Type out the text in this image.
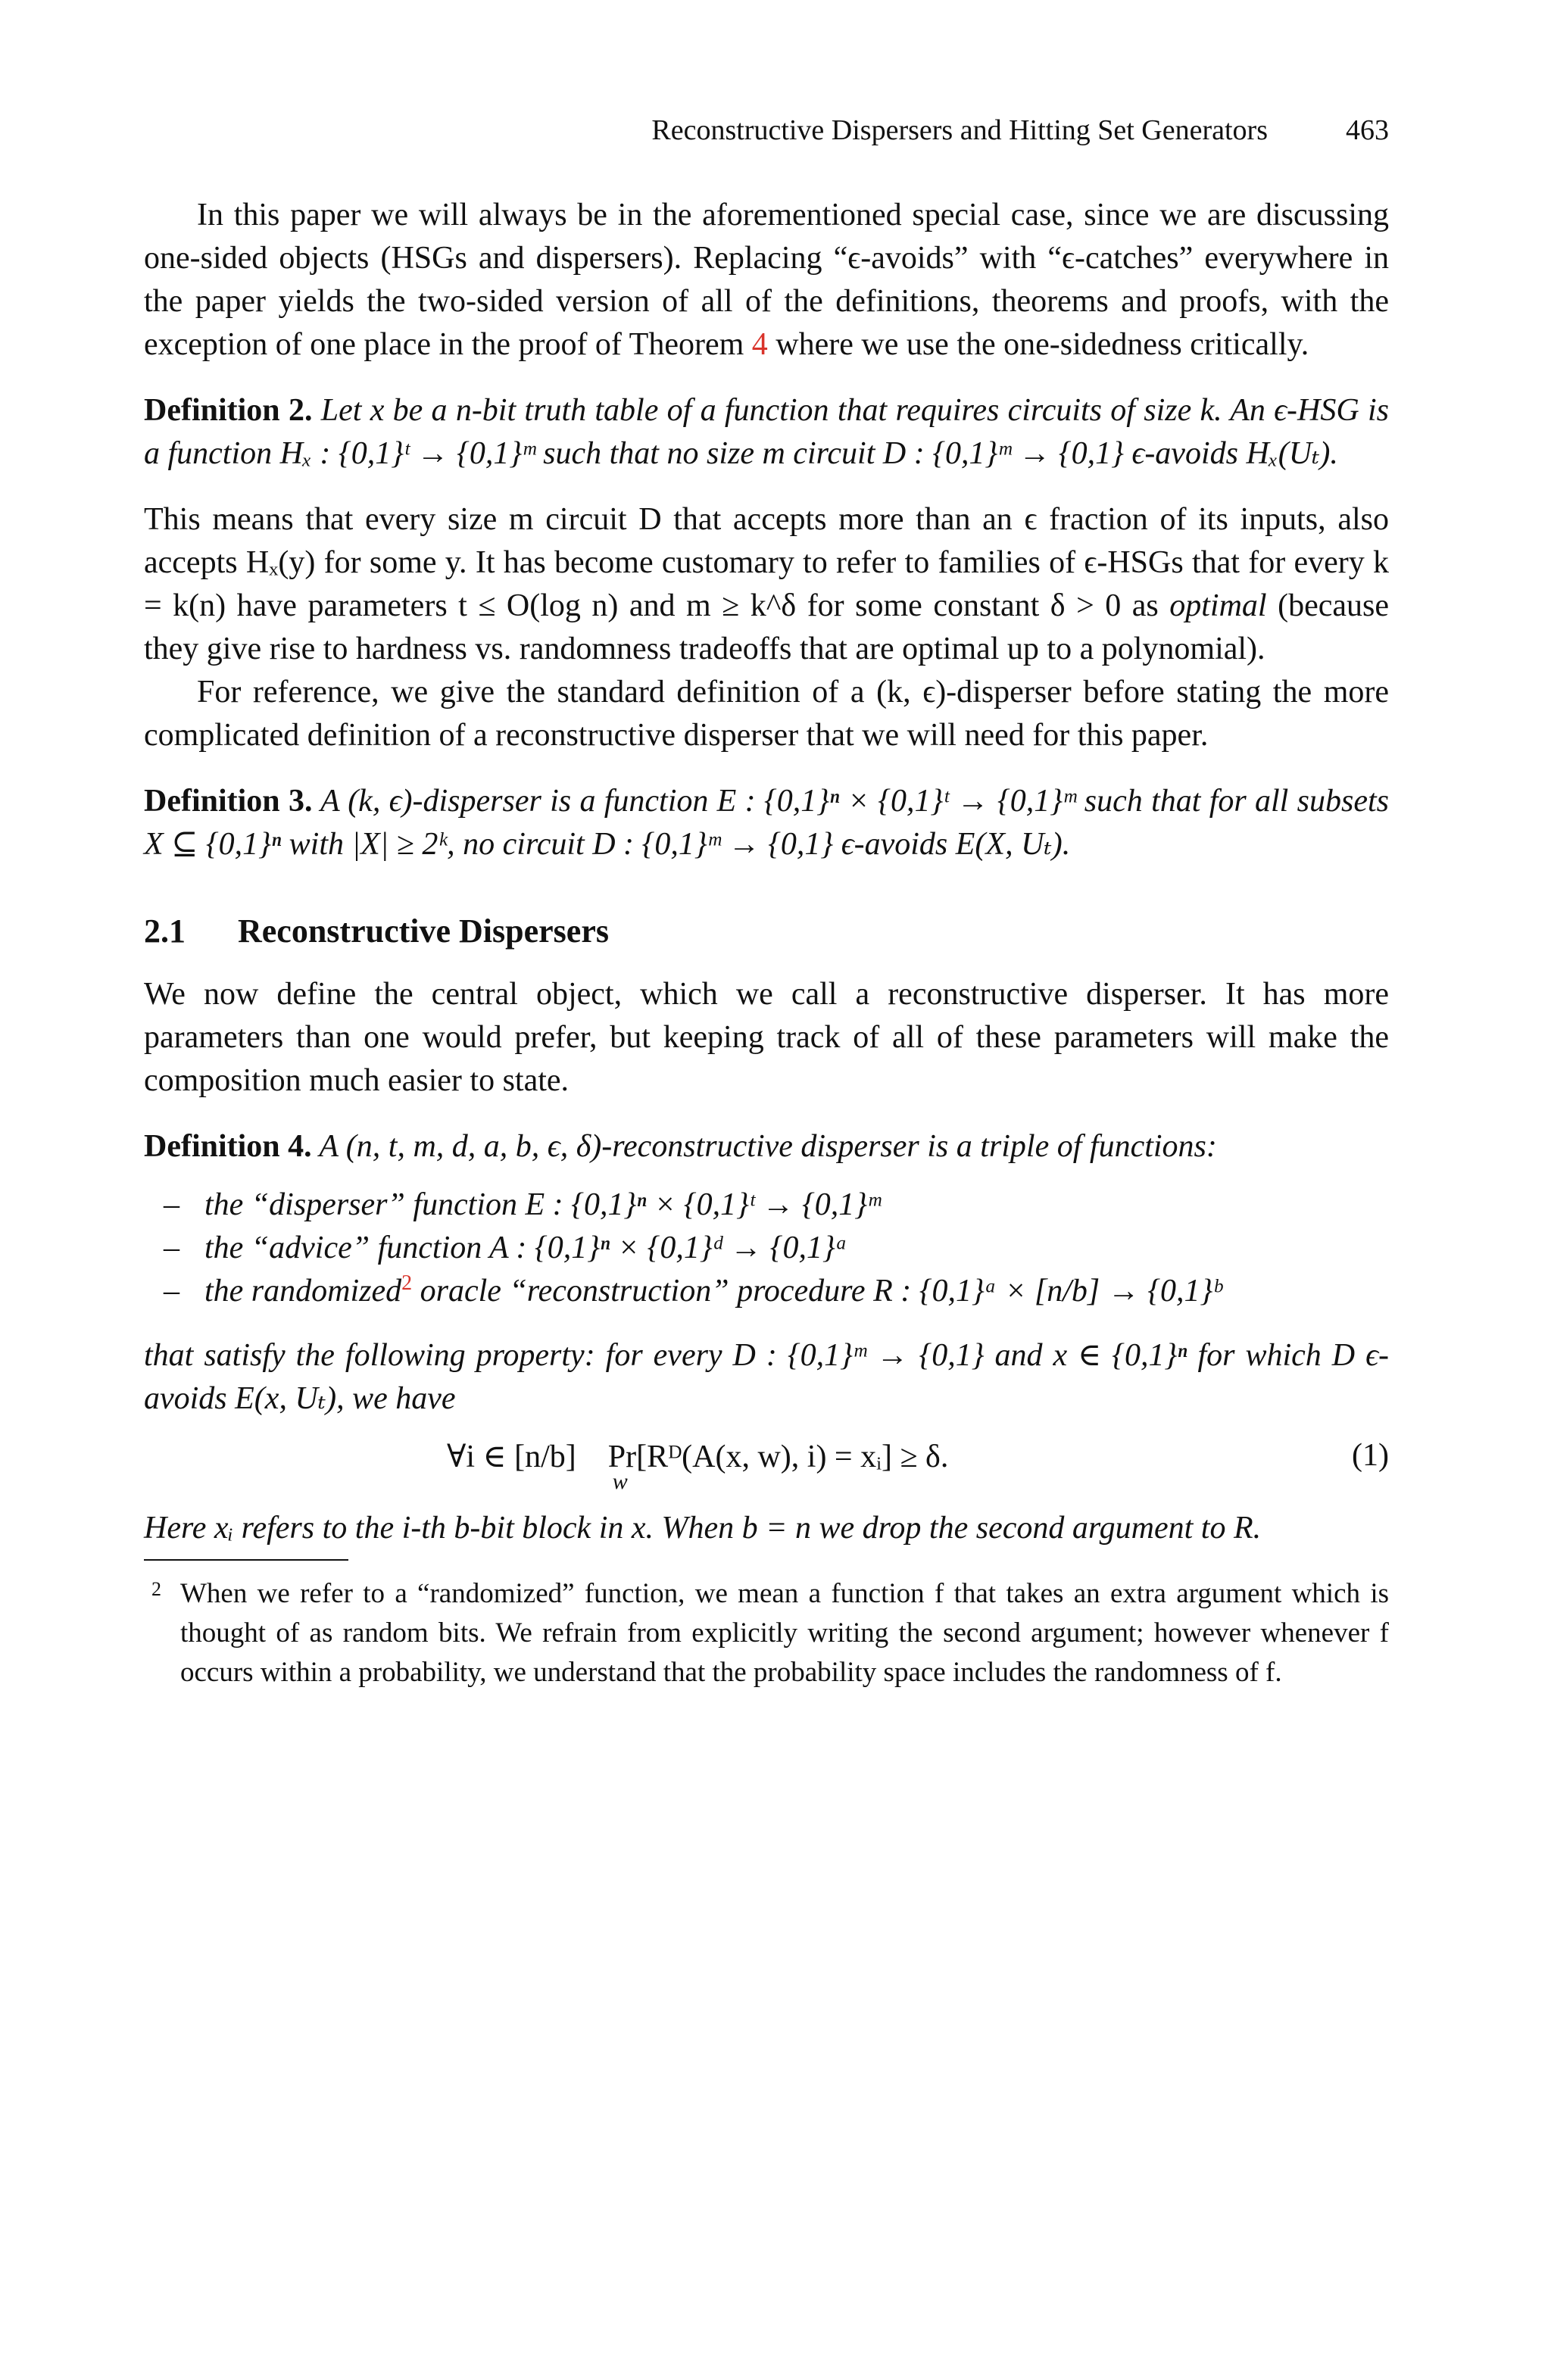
Reconstructive Dispersers and Hitting Set Generators	463

In this paper we will always be in the aforementioned special case, since we are discussing one-sided objects (HSGs and dispersers). Replacing “ϵ-avoids” with “ϵ-catches” everywhere in the paper yields the two-sided version of all of the definitions, theorems and proofs, with the exception of one place in the proof of Theorem 4 where we use the one-sidedness critically.

Definition 2. Let x be a n-bit truth table of a function that requires circuits of size k. An ϵ-HSG is a function Hₓ : {0,1}ᵗ → {0,1}ᵐ such that no size m circuit D : {0,1}ᵐ → {0,1} ϵ-avoids Hₓ(Uₜ).

This means that every size m circuit D that accepts more than an ϵ fraction of its inputs, also accepts Hₓ(y) for some y. It has become customary to refer to families of ϵ-HSGs that for every k = k(n) have parameters t ≤ O(log n) and m ≥ k^δ for some constant δ > 0 as optimal (because they give rise to hardness vs. randomness tradeoffs that are optimal up to a polynomial).

For reference, we give the standard definition of a (k, ϵ)-disperser before stating the more complicated definition of a reconstructive disperser that we will need for this paper.

Definition 3. A (k, ϵ)-disperser is a function E : {0,1}ⁿ × {0,1}ᵗ → {0,1}ᵐ such that for all subsets X ⊆ {0,1}ⁿ with |X| ≥ 2ᵏ, no circuit D : {0,1}ᵐ → {0,1} ϵ-avoids E(X, Uₜ).
2.1 Reconstructive Dispersers

We now define the central object, which we call a reconstructive disperser. It has more parameters than one would prefer, but keeping track of all of these parameters will make the composition much easier to state.

Definition 4. A (n, t, m, d, a, b, ϵ, δ)-reconstructive disperser is a triple of functions:
– the “disperser” function E : {0,1}ⁿ × {0,1}ᵗ → {0,1}ᵐ
– the “advice” function A : {0,1}ⁿ × {0,1}ᵈ → {0,1}ᵃ
– the randomized$^2$ oracle “reconstruction” procedure R : {0,1}ᵃ × [n/b] → {0,1}ᵇ
that satisfy the following property: for every D : {0,1}ᵐ → {0,1} and x ∈ {0,1}ⁿ for which D ϵ-avoids E(x, Uₜ), we have
∀i ∈ [n/b] Pr
w
[Rᴰ(A(x, w), i) = xᵢ] ≥ δ.	(1)

Here xᵢ refers to the i-th b-bit block in x. When b = n we drop the second argument to R.

2 When we refer to a “randomized” function, we mean a function f that takes an extra argument which is thought of as random bits. We refrain from explicitly writing the second argument; however whenever f occurs within a probability, we understand that the probability space includes the randomness of f.
